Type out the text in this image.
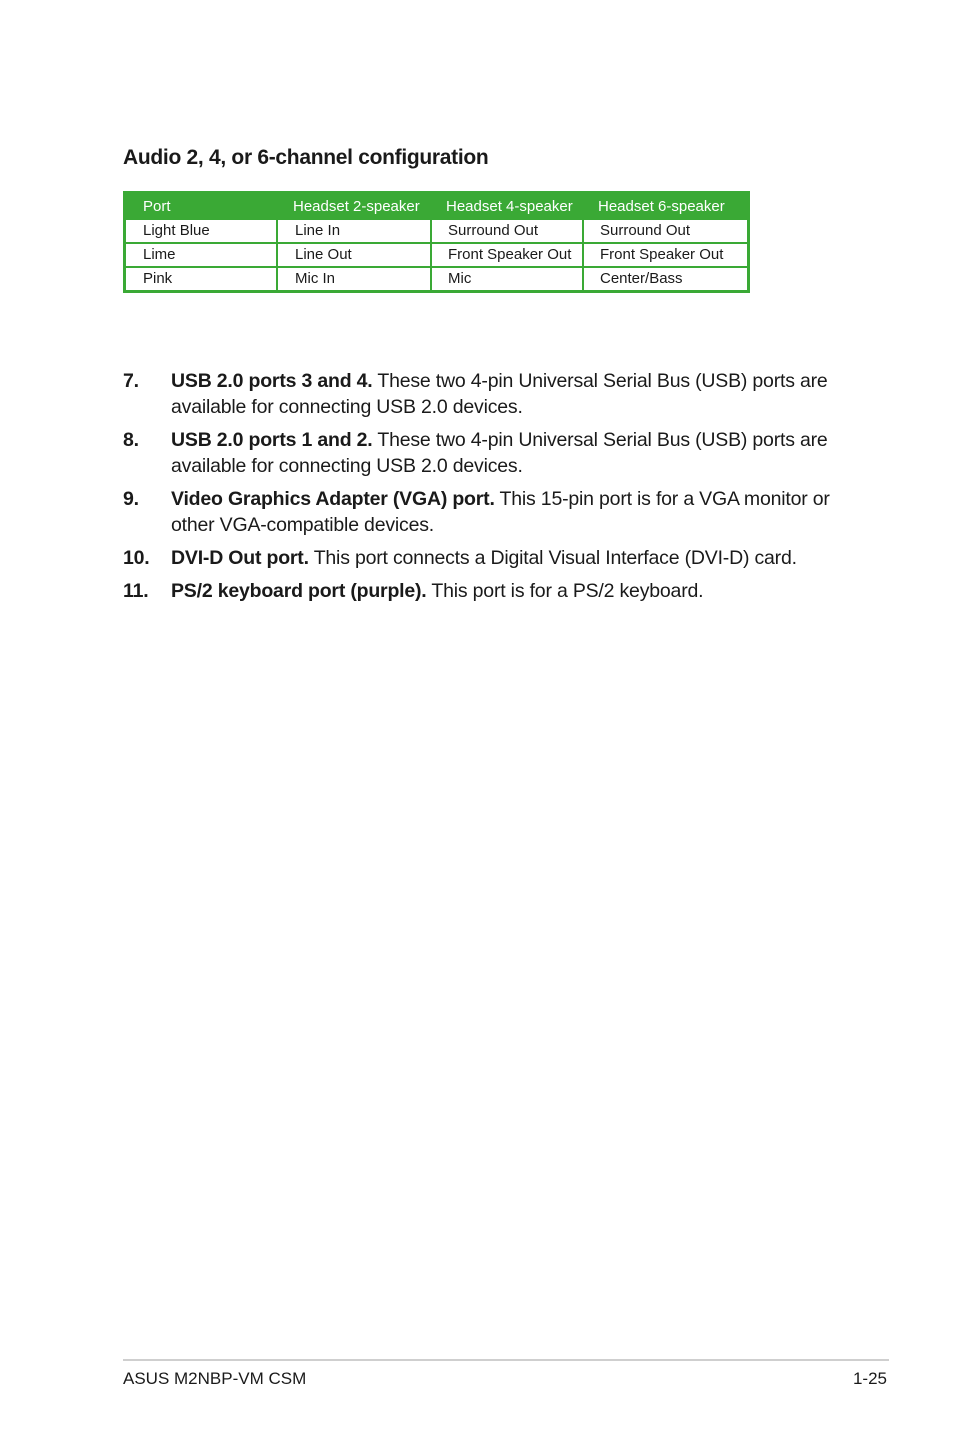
Audio 2, 4, or 6-channel configuration
Port	Headset 2-speaker	Headset 4-speaker	Headset 6-speaker
Light Blue	Line In	Surround Out	Surround Out
Lime	Line Out	Front Speaker Out	Front Speaker Out
Pink	Mic In	Mic	Center/Bass
7. USB 2.0 ports 3 and 4. These two 4-pin Universal Serial Bus (USB) ports are available for connecting USB 2.0 devices.
8. USB 2.0 ports 1 and 2. These two 4-pin Universal Serial Bus (USB) ports are available for connecting USB 2.0 devices.
9. Video Graphics Adapter (VGA) port. This 15-pin port is for a VGA monitor or other VGA-compatible devices.
10. DVI-D Out port. This port connects a Digital Visual Interface (DVI-D) card.
11. PS/2 keyboard port (purple). This port is for a PS/2 keyboard.
ASUS M2NBP-VM CSM	1-25
